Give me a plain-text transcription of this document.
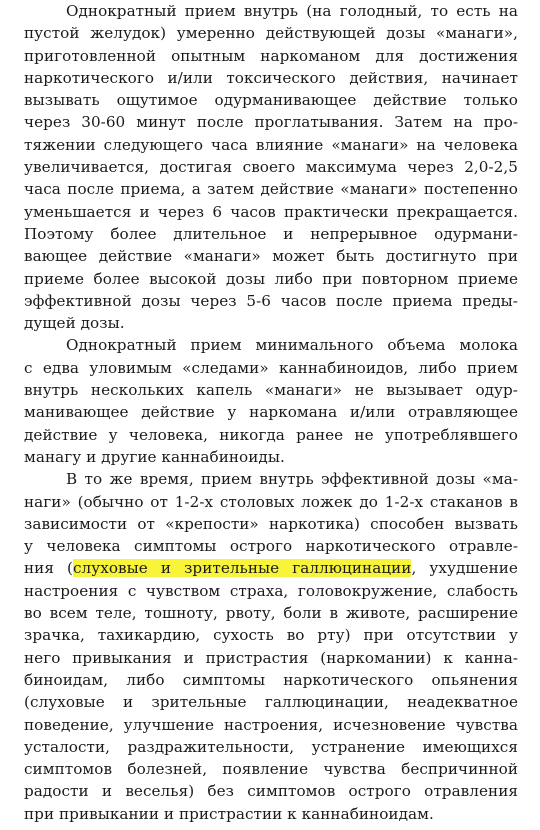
Однократный прием внутрь (на голодный, то есть на
пустой желудок) умеренно действующей дозы «манаги»,
приготовленной опытным наркоманом для достижения
наркотического и/или токсического действия, начинает
вызывать ощутимое одурманивающее действие только
через 30-60 минут после проглатывания. Затем на про-
тяжении следующего часа влияние «манаги» на человека
увеличивается, достигая своего максимума через 2,0-2,5
часа после приема, а затем действие «манаги» постепенно
уменьшается и через 6 часов практически прекращается.
Поэтому более длительное и непрерывное одурмани-
вающее действие «манаги» может быть достигнуто при
приеме более высокой дозы либо при повторном приеме
эффективной дозы через 5-6 часов после приема преды-
дущей дозы.
Однократный прием минимального объема молока
с едва уловимым «следами» каннабиноидов, либо прием
внутрь нескольких капель «манаги» не вызывает одур-
манивающее действие у наркомана и/или отравляющее
действие у человека, никогда ранее не употреблявшего
манагу и другие каннабиноиды.
В то же время, прием внутрь эффективной дозы «ма-
наги» (обычно от 1-2-х столовых ложек до 1-2-х стаканов в
зависимости от «крепости» наркотика) способен вызвать
у человека симптомы острого наркотического отравле-
ния (слуховые и зрительные галлюцинации, ухудшение
настроения с чувством страха, головокружение, слабость
во всем теле, тошноту, рвоту, боли в животе, расширение
зрачка, тахикардию, сухость во рту) при отсутствии у
него привыкания и пристрастия (наркомании) к канна-
биноидам, либо симптомы наркотического опьянения
(слуховые и зрительные галлюцинации, неадекватное
поведение, улучшение настроения, исчезновение чувства
усталости, раздражительности, устранение имеющихся
симптомов болезней, появление чувства беспричинной
радости и веселья) без симптомов острого отравления
при привыкании и пристрастии к каннабиноидам.
